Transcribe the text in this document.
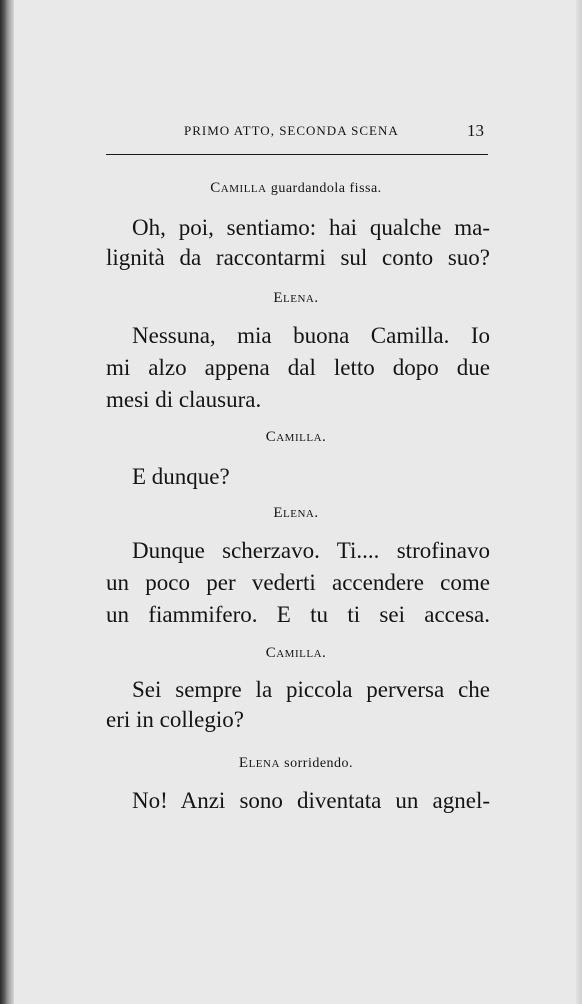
PRIMO ATTO, SECONDA SCENA	13
Camilla guardandola fissa.
Oh, poi, sentiamo: hai qualche ma-
lignità da raccontarmi sul conto suo?
Elena.
Nessuna, mia buona Camilla. Io
mi alzo appena dal letto dopo due
mesi di clausura.
Camilla.
E dunque?
Elena.
Dunque scherzavo. Ti.... strofinavo
un poco per vederti accendere come
un fiammifero. E tu ti sei accesa.
Camilla.
Sei sempre la piccola perversa che
eri in collegio?
Elena sorridendo.
No! Anzi sono diventata un agnel-
